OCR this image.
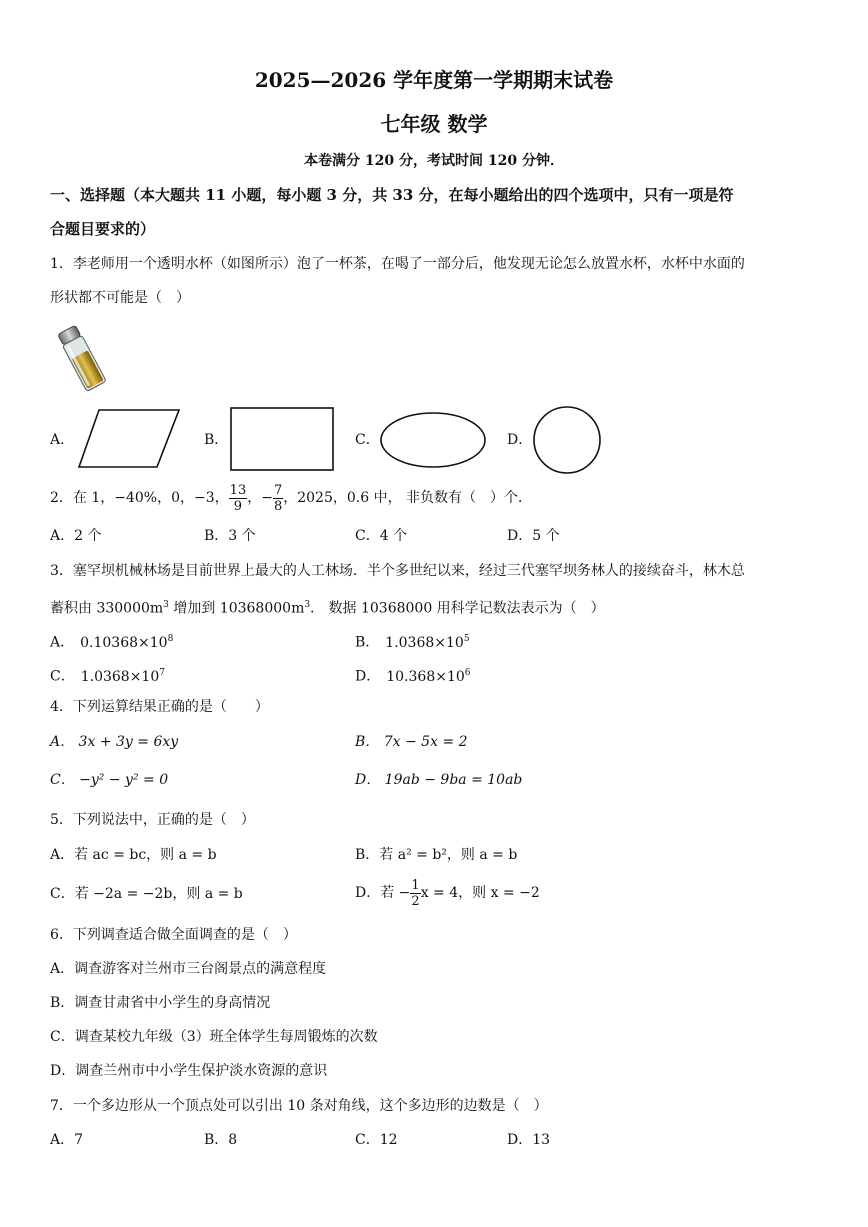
2025—2026 学年度第一学期期末试卷
七年级 数学
本卷满分 120 分，考试时间 120 分钟．
一、选择题（本大题共 11 小题，每小题 3 分，共 33 分，在每小题给出的四个选项中，只有一项是符
合题目要求的）
1．李老师用一个透明水杯（如图所示）泡了一杯茶，在喝了一部分后，他发现无论怎么放置水杯，水杯中水面的
形状都不可能是（　）
A．	B．	C．	D．
2．在 1，−40%，0，−3， $\frac{13}{9}$ ， − $\frac{7}{8}$ ，2025，0.6 中， 非负数有（　）个．
A．2 个	B．3 个	C．4 个	D．5 个
3．塞罕坝机械林场是目前世界上最大的人工林场．半个多世纪以来，经过三代塞罕坝务林人的接续奋斗，林木总
蓄积由 $330000m^3$ 增加到 $10368000m^3$． 数据 10368000 用科学记数法表示为（　）
A． $0.10368\times 10^8$	B． $1.0368\times 10^5$
C． $1.0368\times 10^7$	D． $10.368\times 10^6$
4．下列运算结果正确的是（　　）
A． 3x + 3y = 6xy	B． 7x − 5x = 2
C． −y² − y² = 0	D． 19ab − 9ba = 10ab
5．下列说法中，正确的是（　）
A．若 ac = bc，则 a = b	B．若 a² = b²，则 a = b
C．若 −2a = −2b，则 a = b	D．若 − $\frac{1}{2}$ x = 4，则 x = −2
6．下列调查适合做全面调查的是（　）
A．调查游客对兰州市三台阁景点的满意程度
B．调查甘肃省中小学生的身高情况
C．调查某校九年级（3）班全体学生每周锻炼的次数
D．调查兰州市中小学生保护淡水资源的意识
7．一个多边形从一个顶点处可以引出 10 条对角线，这个多边形的边数是（　）
A．7	B．8	C．12	D．13
